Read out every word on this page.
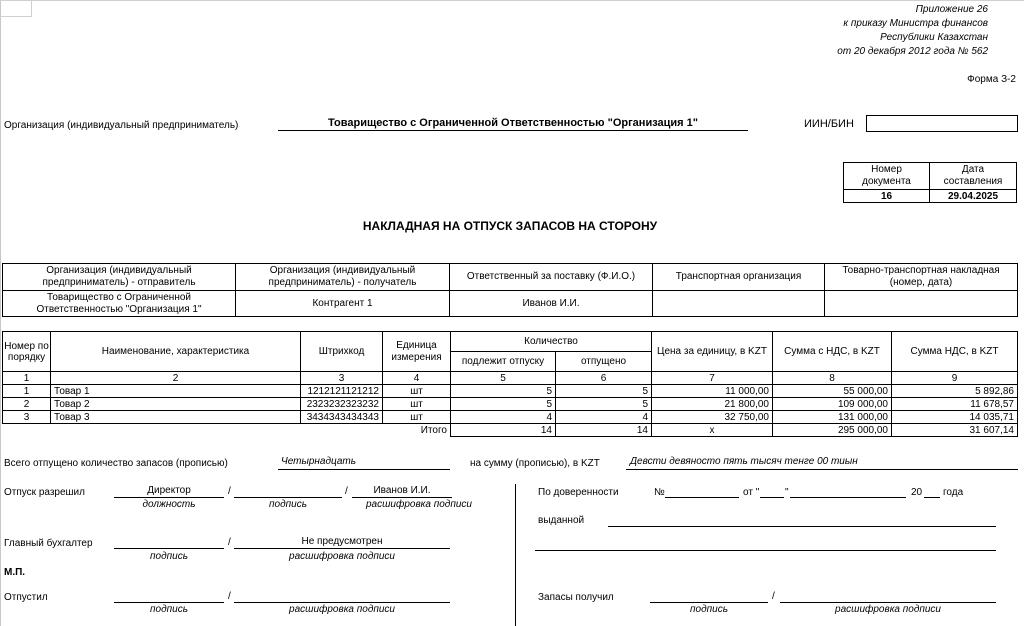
Приложение 26
к приказу Министра финансов
Республики Казахстан
от 20 декабря 2012 года № 562
Форма З-2
Организация (индивидуальный предприниматель)	Товарищество с Ограниченной Ответственностью "Организация 1"	ИИН/БИН
Номер документа	Дата составления
16	29.04.2025
НАКЛАДНАЯ НА ОТПУСК ЗАПАСОВ НА СТОРОНУ
Организация (индивидуальный предприниматель) - отправитель	Организация (индивидуальный предприниматель) - получатель	Ответственный за поставку (Ф.И.О.)	Транспортная организация	Товарно-транспортная накладная (номер, дата)
Товарищество с Ограниченной Ответственностью "Организация 1"	Контрагент 1	Иванов И.И.		
Номер по порядку	Наименование, характеристика	Штрихкод	Единица измерения	Количество		Цена за единицу, в KZT	Сумма с НДС, в KZT	Сумма НДС, в KZT
				подлежит отпуску	отпущено			
1	2	3	4	5	6	7	8	9
1	Товар 1	1212121121212	шт	5	5	11 000,00	55 000,00	5 892,86
2	Товар 2	2323232323232	шт	5	5	21 800,00	109 000,00	11 678,57
3	Товар 3	3434343434343	шт	4	4	32 750,00	131 000,00	14 035,71
Итого				14	14	х	295 000,00	31 607,14
Всего отпущено количество запасов (прописью)	Четырнадцать	на сумму (прописью), в KZT	Девсти девяносто пять тысяч тенге 00 тиын
Отпуск разрешил	Директор	/	/	Иванов И.И.
должность	подпись	расшифровка подписи
Главный бухгалтер	/	Не предусмотрен
подпись	расшифровка подписи
М.П.
Отпустил	/
подпись	расшифровка подписи
По доверенности	№	от "	"	20 года
выданной
Запасы получил	/
подпись	расшифровка подписи
